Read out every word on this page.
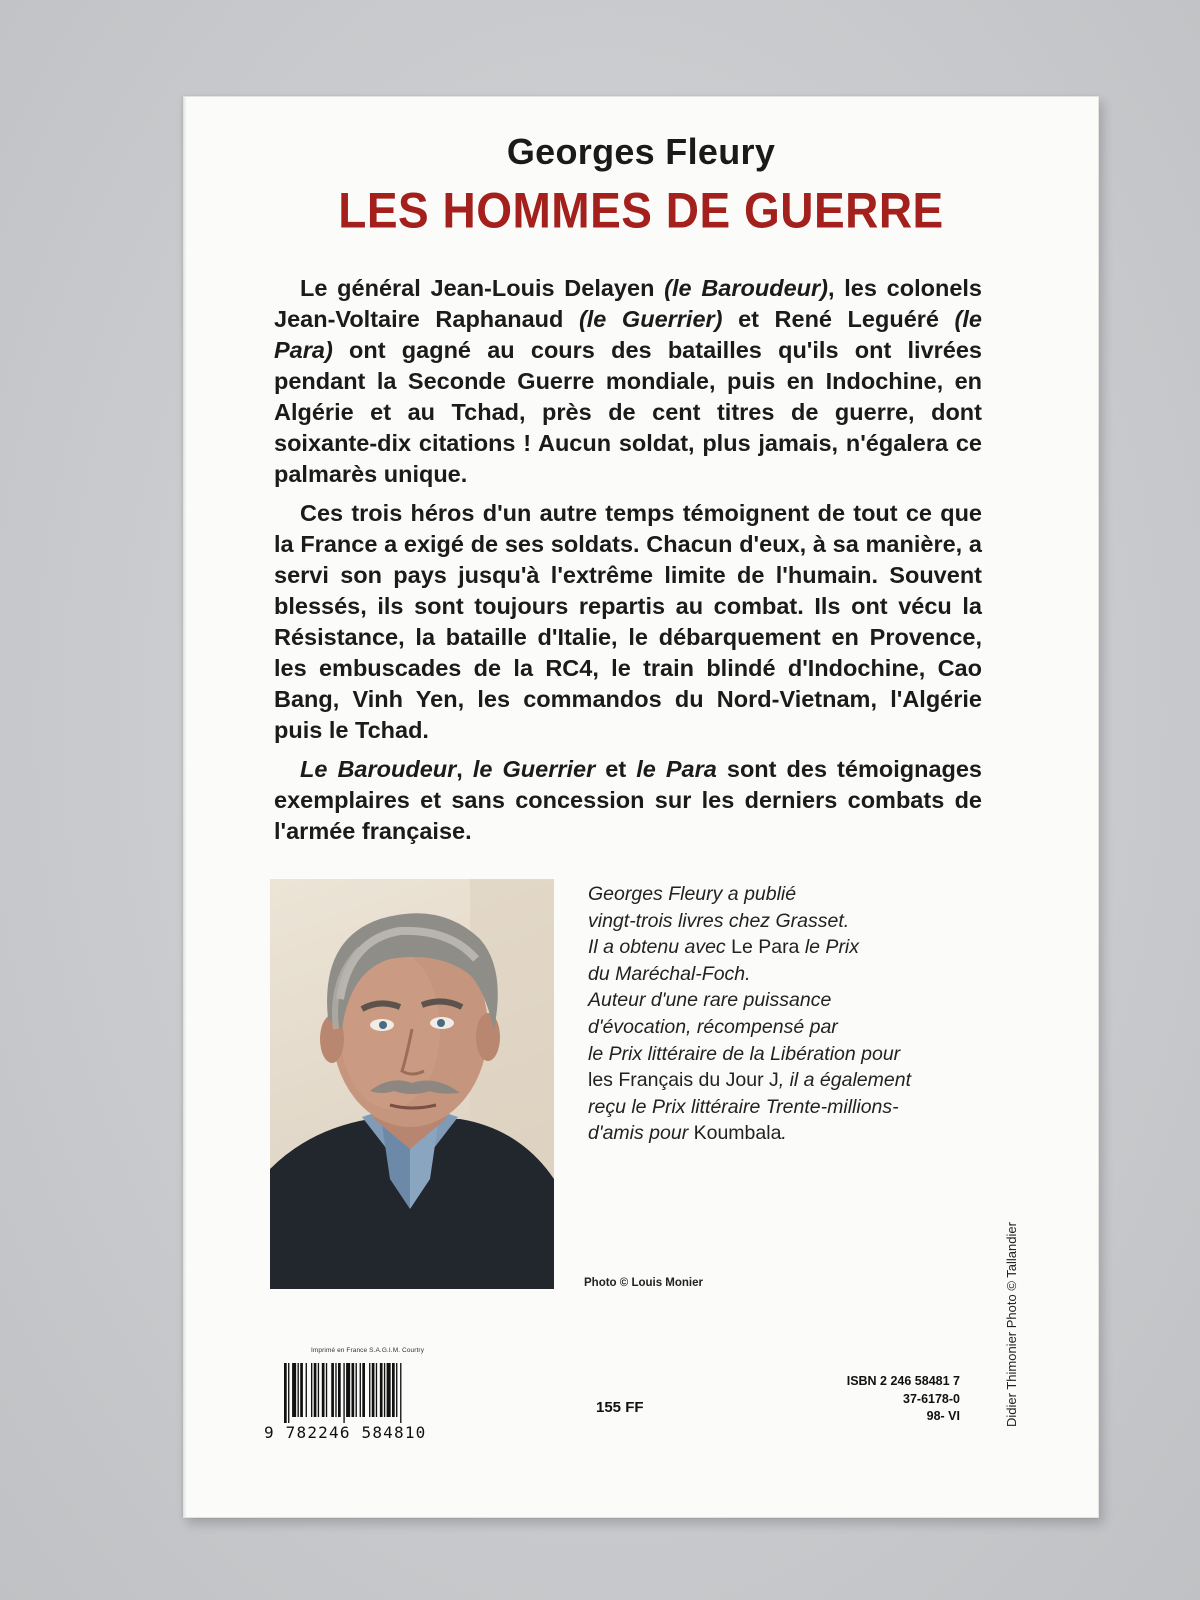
Georges Fleury
LES HOMMES DE GUERRE

Le général Jean-Louis Delayen (le Baroudeur), les colonels Jean-Voltaire Raphanaud (le Guerrier) et René Leguéré (le Para) ont gagné au cours des batailles qu'ils ont livrées pendant la Seconde Guerre mondiale, puis en Indochine, en Algérie et au Tchad, près de cent titres de guerre, dont soixante-dix citations ! Aucun soldat, plus jamais, n'égalera ce palmarès unique.

Ces trois héros d'un autre temps témoignent de tout ce que la France a exigé de ses soldats. Chacun d'eux, à sa manière, a servi son pays jusqu'à l'extrême limite de l'humain. Souvent blessés, ils sont toujours repartis au combat. Ils ont vécu la Résistance, la bataille d'Italie, le débarquement en Provence, les embuscades de la RC4, le train blindé d'Indochine, Cao Bang, Vinh Yen, les commandos du Nord-Vietnam, l'Algérie puis le Tchad.

Le Baroudeur, le Guerrier et le Para sont des témoignages exemplaires et sans concession sur les derniers combats de l'armée française.

Georges Fleury a publié
vingt-trois livres chez Grasset.
Il a obtenu avec Le Para le Prix
du Maréchal-Foch.
Auteur d'une rare puissance
d'évocation, récompensé par
le Prix littéraire de la Libération pour
les Français du Jour J, il a également
reçu le Prix littéraire Trente-millions-
d'amis pour Koumbala.
Photo © Louis Monier
Imprimé en France S.A.G.I.M. Courtry
9 782246 584810
155 FF
ISBN 2 246 58481 7
37-6178-0
98- VI	Didier Thimonier Photo © Tallandier
